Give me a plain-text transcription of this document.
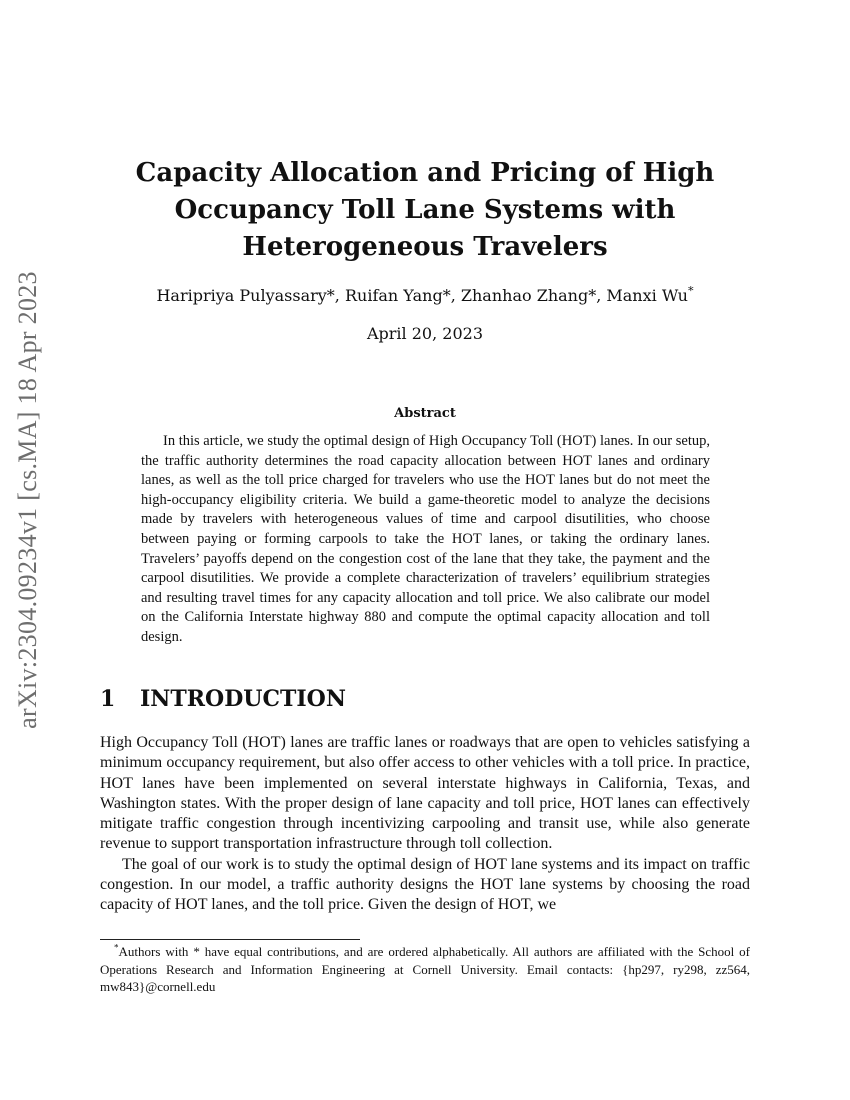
arXiv:2304.09234v1 [cs.MA] 18 Apr 2023
Capacity Allocation and Pricing of High Occupancy Toll Lane Systems with Heterogeneous Travelers
Haripriya Pulyassary*, Ruifan Yang*, Zhanhao Zhang*, Manxi Wu*
April 20, 2023
Abstract
In this article, we study the optimal design of High Occupancy Toll (HOT) lanes. In our setup, the traffic authority determines the road capacity allocation between HOT lanes and ordinary lanes, as well as the toll price charged for travelers who use the HOT lanes but do not meet the high-occupancy eligibility criteria. We build a game-theoretic model to analyze the decisions made by travelers with heterogeneous values of time and carpool disutilities, who choose between paying or forming carpools to take the HOT lanes, or taking the ordinary lanes. Travelers’ payoffs depend on the congestion cost of the lane that they take, the payment and the carpool disutilities. We provide a complete characterization of travelers’ equilibrium strategies and resulting travel times for any capacity allocation and toll price. We also calibrate our model on the California Interstate highway 880 and compute the optimal capacity allocation and toll design.
1 INTRODUCTION

High Occupancy Toll (HOT) lanes are traffic lanes or roadways that are open to vehicles satisfying a minimum occupancy requirement, but also offer access to other vehicles with a toll price. In practice, HOT lanes have been implemented on several interstate highways in California, Texas, and Washington states. With the proper design of lane capacity and toll price, HOT lanes can effectively mitigate traffic congestion through incentivizing carpooling and transit use, while also generate revenue to support transportation infrastructure through toll collection.

The goal of our work is to study the optimal design of HOT lane systems and its impact on traffic congestion. In our model, a traffic authority designs the HOT lane systems by choosing the road capacity of HOT lanes, and the toll price. Given the design of HOT, we

*Authors with * have equal contributions, and are ordered alphabetically. All authors are affiliated with the School of Operations Research and Information Engineering at Cornell University. Email contacts: {hp297, ry298, zz564, mw843}@cornell.edu
